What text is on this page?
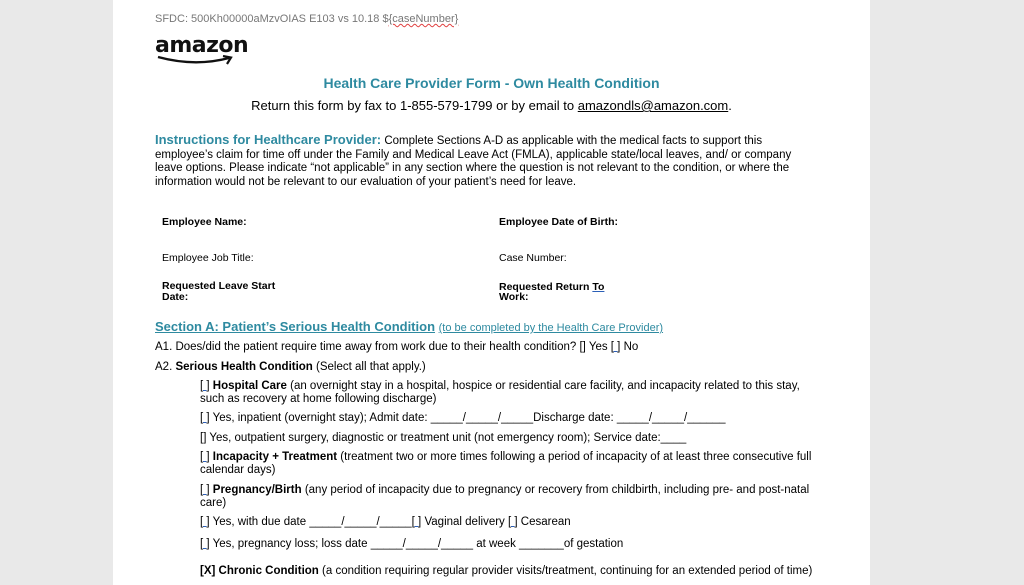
SFDC: 500Kh00000aMzvOIAS E103 vs 10.18 ${caseNumber}
amazon
Health Care Provider Form - Own Health Condition
Return this form by fax to 1-855-579-1799 or by email to amazondls@amazon.com.
Instructions for Healthcare Provider: Complete Sections A-D as applicable with the medical facts to support this employee’s claim for time off under the Family and Medical Leave Act (FMLA), applicable state/local leaves, and/ or company leave options. Please indicate “not applicable” in any section where the question is not relevant to the condition, or where the information would not be relevant to our evaluation of your patient’s need for leave.
Employee Name:	Employee Date of Birth:
Employee Job Title:	Case Number:
Requested Leave Start
Date:
Requested Return To
Work:
Section A: Patient’s Serious Health Condition (to be completed by the Health Care Provider)
A1. Does/did the patient require time away from work due to their health condition? [] Yes [ ] No
A2. Serious Health Condition (Select all that apply.)
[ ] Hospital Care (an overnight stay in a hospital, hospice or residential care facility, and incapacity related to this stay, such as recovery at home following discharge)
[ ] Yes, inpatient (overnight stay); Admit date: _____/_____/_____Discharge date: _____/_____/______
[] Yes, outpatient surgery, diagnostic or treatment unit (not emergency room); Service date:____
[ ] Incapacity + Treatment (treatment two or more times following a period of incapacity of at least three consecutive full calendar days)
[ ] Pregnancy/Birth (any period of incapacity due to pregnancy or recovery from childbirth, including pre- and post-natal care)
[ ] Yes, with due date _____/_____/_____[ ] Vaginal delivery [ ] Cesarean
[ ] Yes, pregnancy loss; loss date _____/_____/_____ at week _______of gestation
[X] Chronic Condition (a condition requiring regular provider visits/treatment, continuing for an extended period of time)
